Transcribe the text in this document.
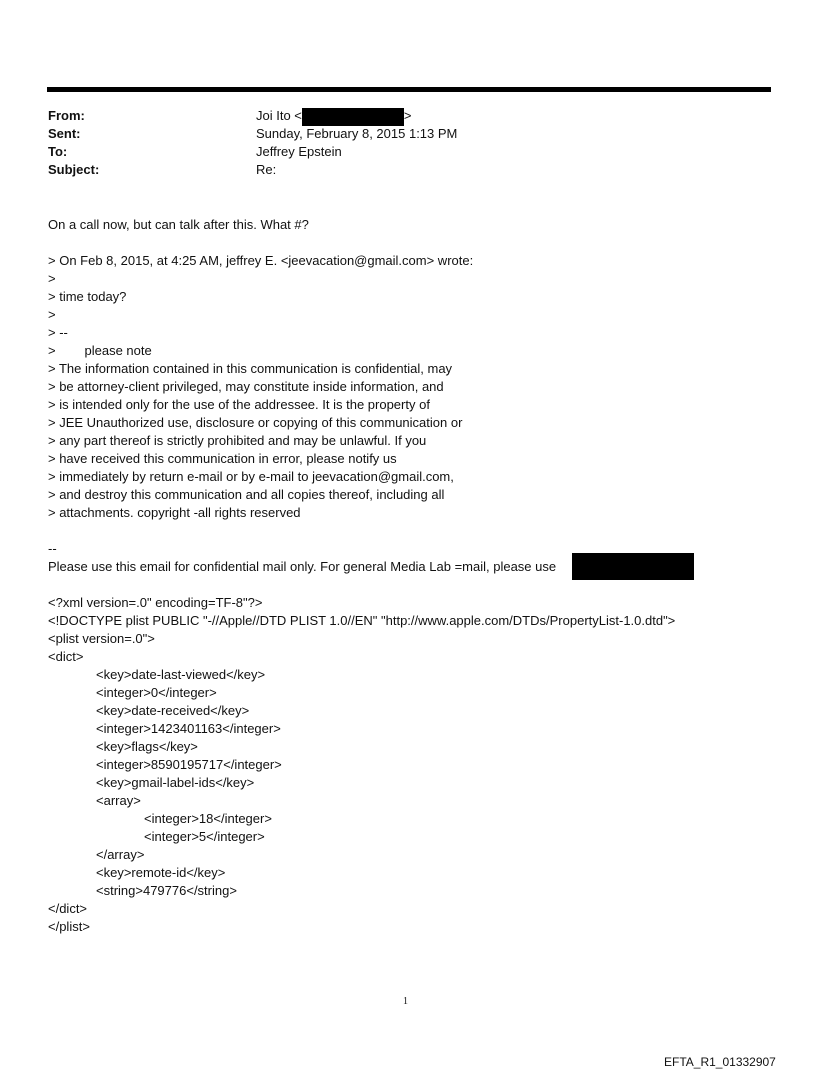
From:	Joi Ito <	>
Sent:	Sunday, February 8, 2015 1:13 PM
To:	Jeffrey Epstein
Subject:	Re:
On a call now, but can talk after this. What #?
> On Feb 8, 2015, at 4:25 AM, jeffrey E. <jeevacation@gmail.com> wrote:
>
> time today?
>
> --
>        please note
> The information contained in this communication is confidential, may
> be attorney-client privileged, may constitute inside information, and
> is intended only for the use of the addressee. It is the property of
> JEE Unauthorized use, disclosure or copying of this communication or
> any part thereof is strictly prohibited and may be unlawful. If you
> have received this communication in error, please notify us
> immediately by return e-mail or by e-mail to jeevacation@gmail.com,
> and destroy this communication and all copies thereof, including all
> attachments. copyright -all rights reserved
--
Please use this email for confidential mail only. For general Media Lab =mail, please use
<?xml version=.0" encoding=TF-8"?>
<!DOCTYPE plist PUBLIC "-//Apple//DTD PLIST 1.0//EN" "http://www.apple.com/DTDs/PropertyList-1.0.dtd">
<plist version=.0">
<dict>
<key>date-last-viewed</key>
<integer>0</integer>
<key>date-received</key>
<integer>1423401163</integer>
<key>flags</key>
<integer>8590195717</integer>
<key>gmail-label-ids</key>
<array>
<integer>18</integer>
<integer>5</integer>
</array>
<key>remote-id</key>
<string>479776</string>
</dict>
</plist>
1
EFTA_R1_01332907
